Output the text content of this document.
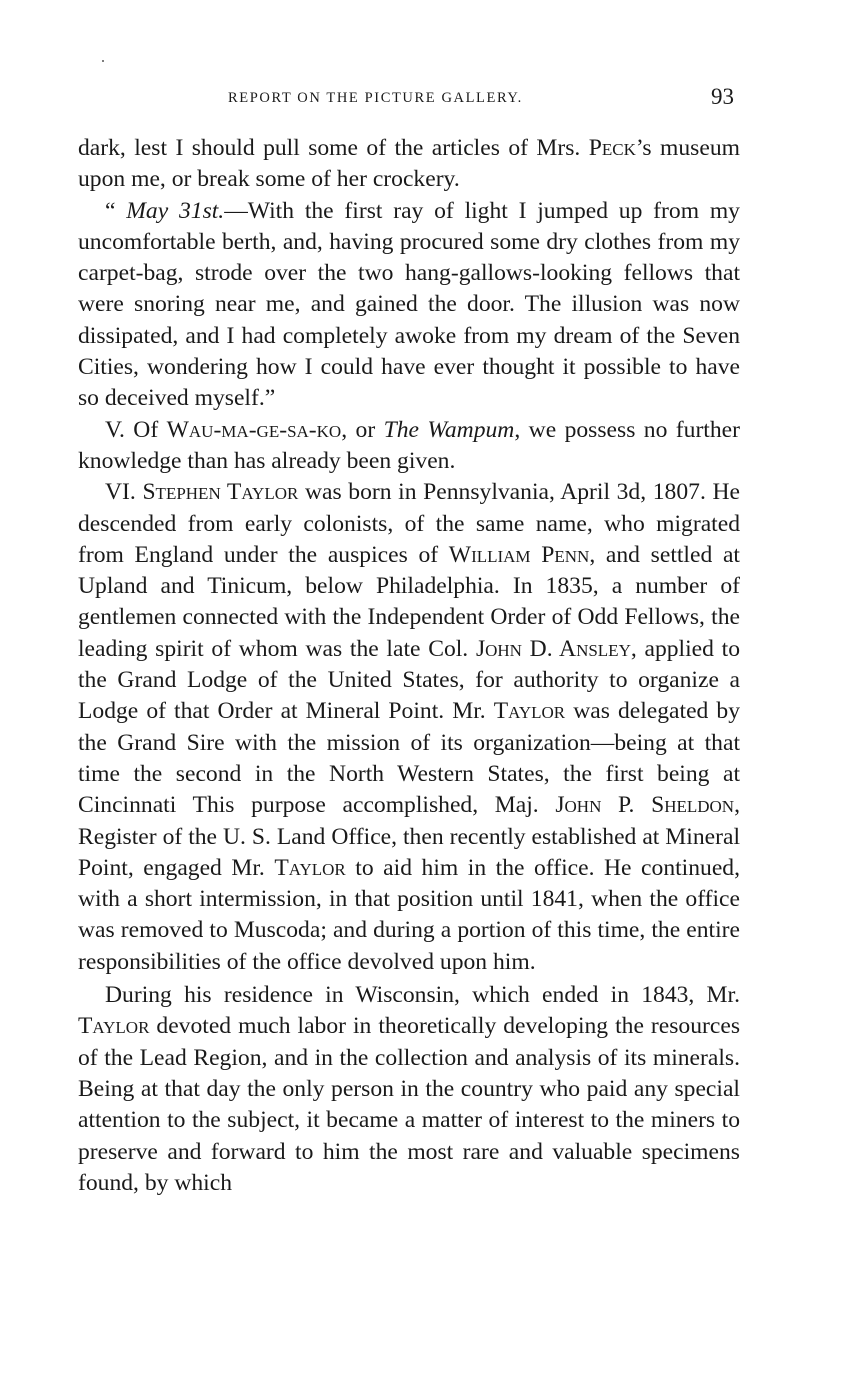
REPORT ON THE PICTURE GALLERY.	93

dark, lest I should pull some of the articles of Mrs. Peck’s museum upon me, or break some of her crockery.

“ May 31st.—With the first ray of light I jumped up from my uncomfortable berth, and, having procured some dry clothes from my carpet-bag, strode over the two hang-gallows-looking fellows that were snoring near me, and gained the door. The illusion was now dissipated, and I had completely awoke from my dream of the Seven Cities, wondering how I could have ever thought it possible to have so deceived myself.”

V. Of Wau-ma-ge-sa-ko, or The Wampum, we possess no further knowledge than has already been given.

VI. Stephen Taylor was born in Pennsylvania, April 3d, 1807. He descended from early colonists, of the same name, who migrated from England under the auspices of William Penn, and settled at Upland and Tinicum, below Philadelphia. In 1835, a number of gentlemen connected with the Independent Order of Odd Fellows, the leading spirit of whom was the late Col. John D. Ansley, applied to the Grand Lodge of the United States, for authority to organize a Lodge of that Order at Mineral Point. Mr. Taylor was delegated by the Grand Sire with the mission of its organization—being at that time the second in the North Western States, the first being at Cincinnati This purpose accomplished, Maj. John P. Sheldon, Register of the U. S. Land Office, then recently established at Mineral Point, engaged Mr. Taylor to aid him in the office. He continued, with a short intermission, in that position until 1841, when the office was removed to Muscoda; and during a portion of this time, the entire responsibilities of the office devolved upon him.

During his residence in Wisconsin, which ended in 1843, Mr. Taylor devoted much labor in theoretically developing the resources of the Lead Region, and in the collection and analysis of its minerals. Being at that day the only person in the country who paid any special attention to the subject, it became a matter of interest to the miners to preserve and forward to him the most rare and valuable specimens found, by which
